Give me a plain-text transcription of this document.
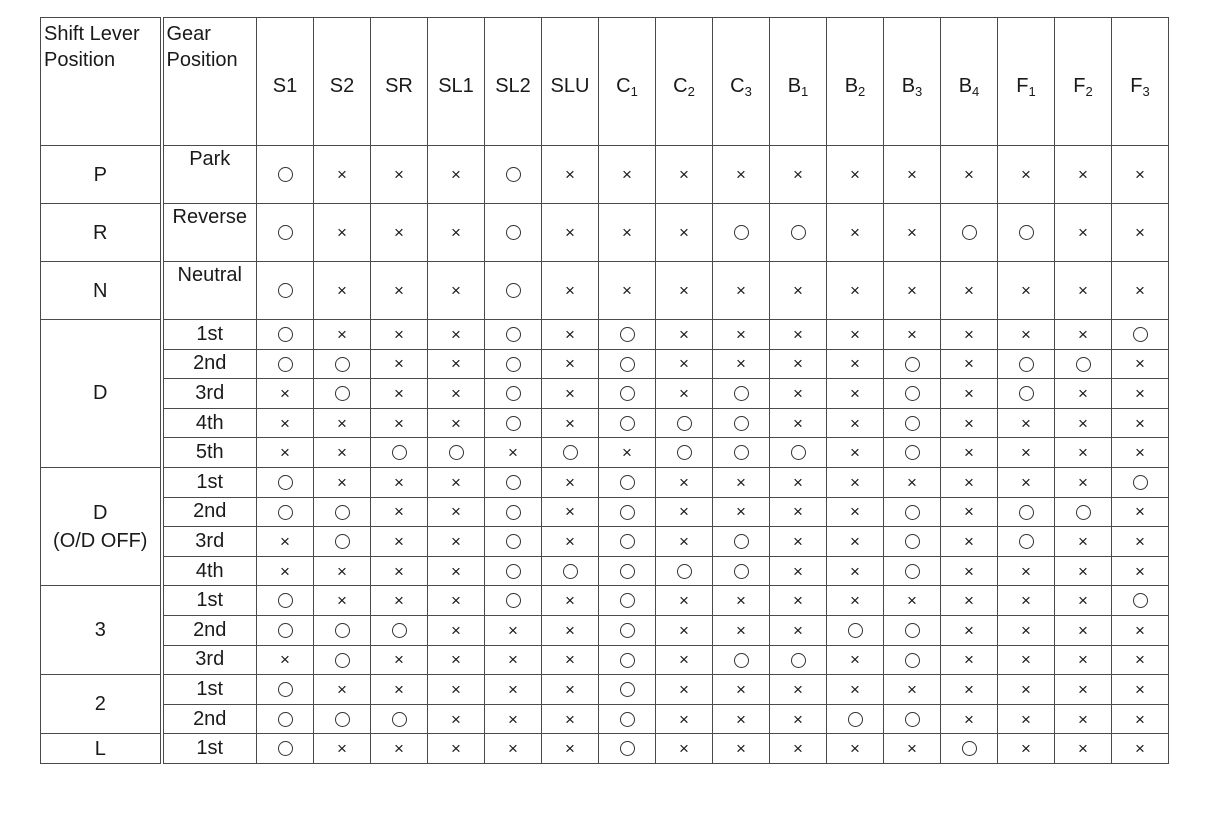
Shift Lever Position	Gear Position	S1	S2	SR	SL1	SL2	SLU	$C_1$	$C_2$	$C_3$	$B_1$	$B_2$	$B_3$	$B_4$	$F_1$	$F_2$	$F_3$

P	Park		×	×	×		×	×	×	×	×	×	×	×	×	×	×

R	Reverse		×	×	×		×	×	×			×	×			×	×

N	Neutral		×	×	×		×	×	×	×	×	×	×	×	×	×	×

D	1st		×	×	×		×		×	×	×	×	×	×	×	×	
	2nd			×	×		×		×	×	×	×		×			×
	3rd	×		×	×		×		×		×	×		×		×	×
	4th	×	×	×	×		×				×	×		×	×	×	×
	5th	×	×			×		×				×		×	×	×	×

D
(O/D OFF)	1st		×	×	×		×		×	×	×	×	×	×	×	×	
	2nd			×	×		×		×	×	×	×		×			×
	3rd	×		×	×		×		×		×	×		×		×	×
	4th	×	×	×	×						×	×		×	×	×	×

3	1st		×	×	×		×		×	×	×	×	×	×	×	×	
	2nd				×	×	×		×	×	×			×	×	×	×
	3rd	×		×	×	×	×		×			×		×	×	×	×

2	1st		×	×	×	×	×		×	×	×	×	×	×	×	×	×
	2nd				×	×	×		×	×	×			×	×	×	×

L	1st		×	×	×	×	×		×	×	×	×	×		×	×	×
